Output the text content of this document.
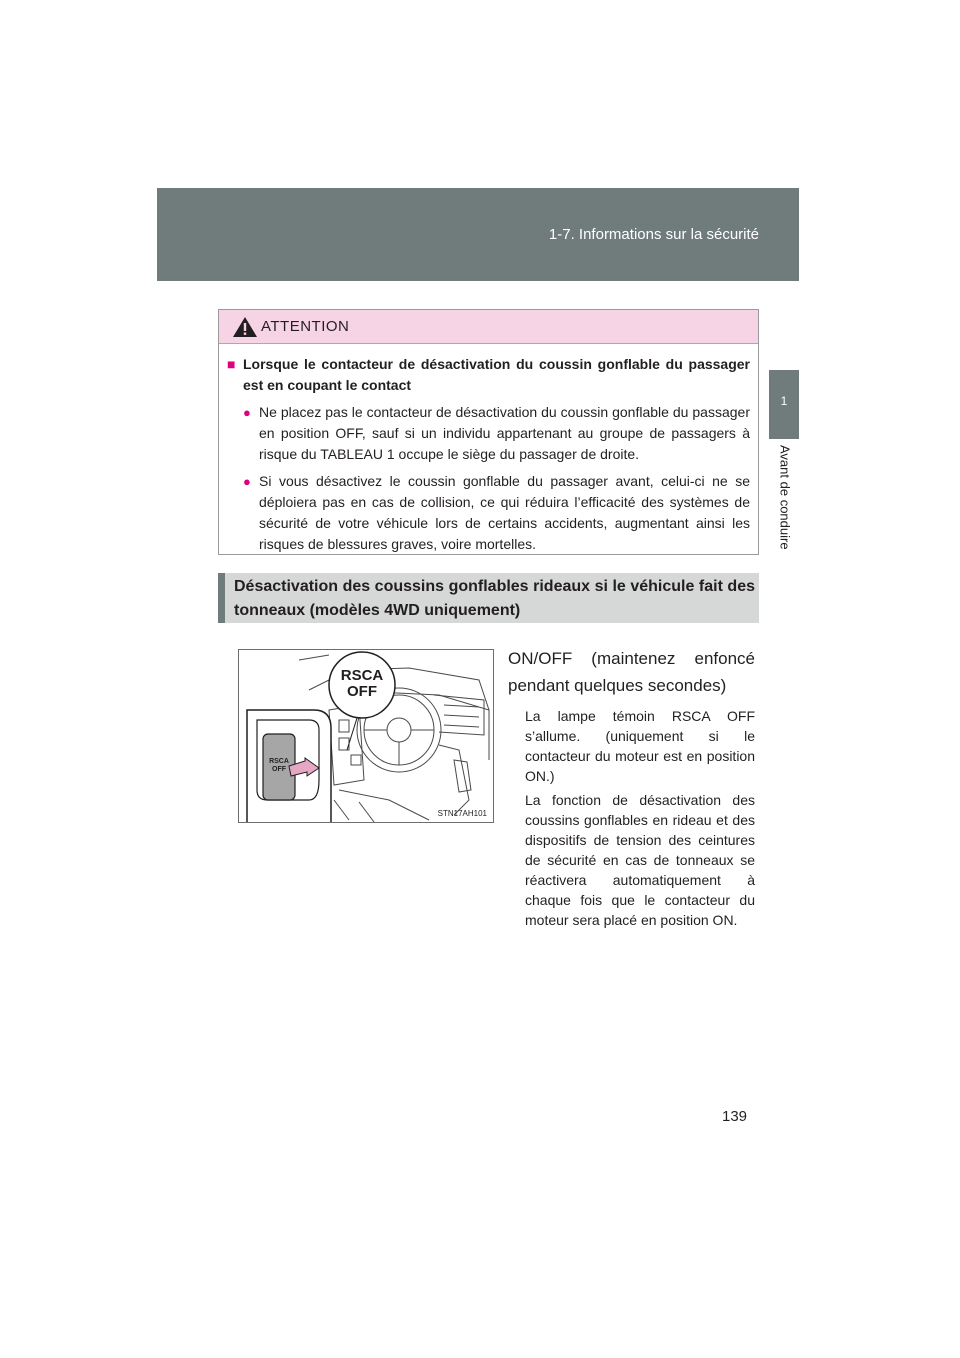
1-7. Informations sur la sécurité
1
Avant de conduire
ATTENTION
■ Lorsque le contacteur de désactivation du coussin gonflable du passager est en coupant le contact
● Ne placez pas le contacteur de désactivation du coussin gonflable du passager en position OFF, sauf si un individu appartenant au groupe de passagers à risque du TABLEAU 1 occupe le siège du passager de droite.
● Si vous désactivez le coussin gonflable du passager avant, celui-ci ne se déploiera pas en cas de collision, ce qui réduira l’efficacité des systèmes de sécurité de votre véhicule lors de certains accidents, augmentant ainsi les risques de blessures graves, voire mortelles.
Désactivation des coussins gonflables rideaux si le véhicule fait des tonneaux (modèles 4WD uniquement)
RSCA
OFF
RSCA
OFF
STN17AH101
ON/OFF (maintenez enfoncé pendant quelques secondes)
La lampe témoin RSCA OFF s’allume. (uniquement si le contacteur du moteur est en position ON.)
La fonction de désactivation des coussins gonflables en rideau et des dispositifs de tension des ceintures de sécurité en cas de tonneaux se réactivera automatiquement à chaque fois que le contacteur du moteur sera placé en position ON.
139
